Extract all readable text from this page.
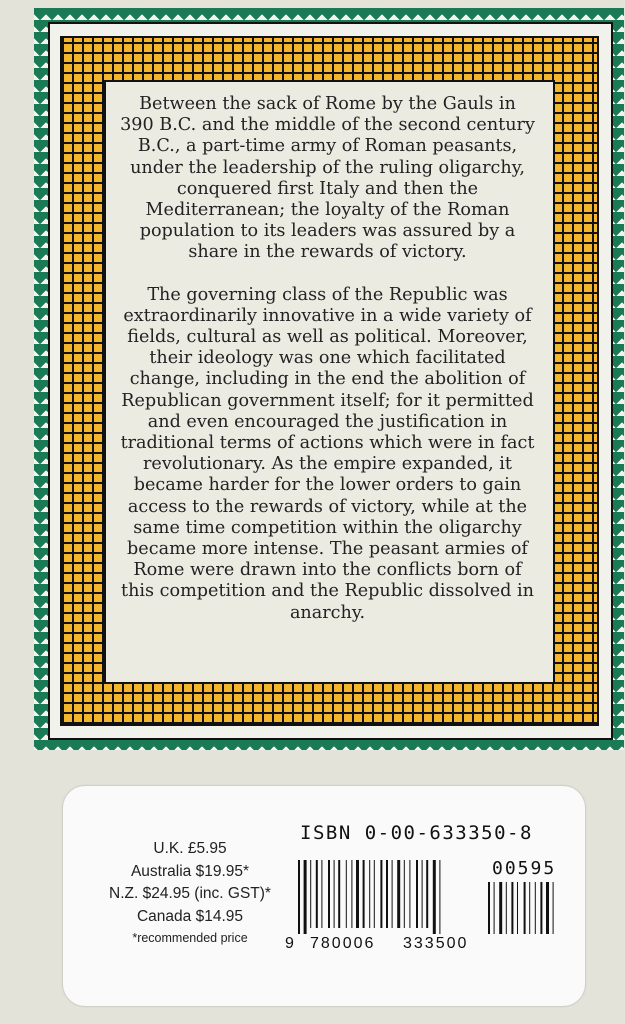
Between the sack of Rome by the Gauls in 390 B.C. and the middle of the second century B.C., a part-time army of Roman peasants, under the leadership of the ruling oligarchy, conquered first Italy and then the Mediterranean; the loyalty of the Roman population to its leaders was assured by a share in the rewards of victory.

The governing class of the Republic was extraordinarily innovative in a wide variety of fields, cultural as well as political. Moreover, their ideology was one which facilitated change, including in the end the abolition of Republican government itself; for it permitted and even encouraged the justification in traditional terms of actions which were in fact revolutionary. As the empire expanded, it became harder for the lower orders to gain access to the rewards of victory, while at the same time competition within the oligarchy became more intense. The peasant armies of Rome were drawn into the conflicts born of this competition and the Republic dissolved in anarchy.

U.K. £5.95
Australia $19.95*
N.Z. $24.95 (inc. GST)*
Canada $14.95
*recommended price
ISBN 0-00-633350-8
00595
9 780006 333500
